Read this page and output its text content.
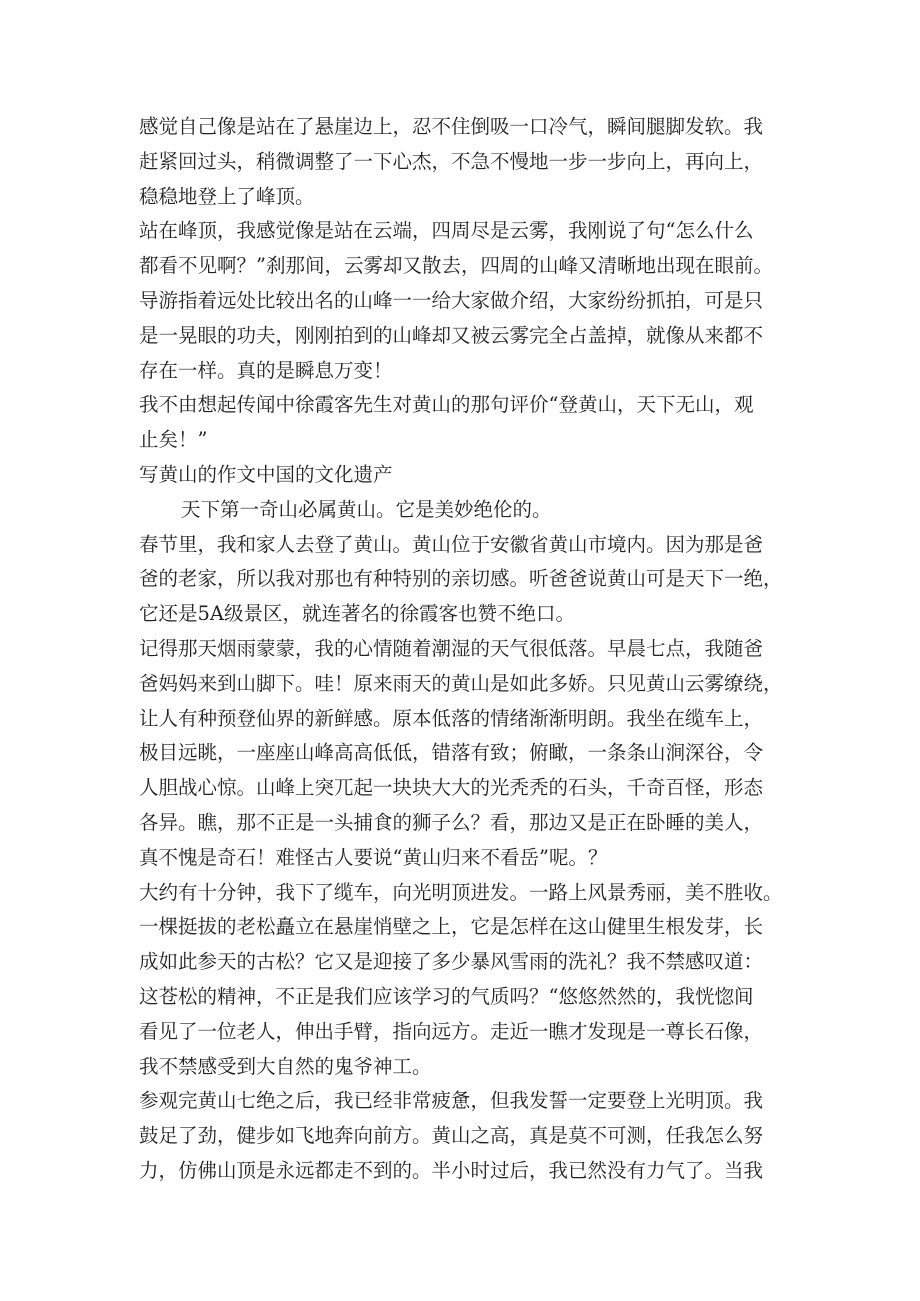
感觉自己像是站在了悬崖边上，忍不住倒吸一口冷气，瞬间腿脚发软。我
赶紧回过头，稍微调整了一下心杰，不急不慢地一步一步向上，再向上，
稳稳地登上了峰顶。
站在峰顶，我感觉像是站在云端，四周尽是云雾，我刚说了句“怎么什么
都看不见啊？”刹那间，云雾却又散去，四周的山峰又清晰地出现在眼前。
导游指着远处比较出名的山峰一一给大家做介绍，大家纷纷抓拍，可是只
是一晃眼的功夫，刚刚拍到的山峰却又被云雾完全占盖掉，就像从来都不
存在一样。真的是瞬息万变！
我不由想起传闻中徐霞客先生对黄山的那句评价“登黄山，天下无山，观
止矣！”
写黄山的作文中国的文化遗产
天下第一奇山必属黄山。它是美妙绝伦的。
春节里，我和家人去登了黄山。黄山位于安徽省黄山市境内。因为那是爸
爸的老家，所以我对那也有种特别的亲切感。听爸爸说黄山可是天下一绝，
它还是5A级景区，就连著名的徐霞客也赞不绝口。
记得那天烟雨蒙蒙，我的心情随着潮湿的天气很低落。早晨七点，我随爸
爸妈妈来到山脚下。哇！原来雨天的黄山是如此多娇。只见黄山云雾缭绕，
让人有种预登仙界的新鲜感。原本低落的情绪渐渐明朗。我坐在缆车上，
极目远眺，一座座山峰高高低低，错落有致；俯瞰，一条条山涧深谷，令
人胆战心惊。山峰上突兀起一块块大大的光秃秃的石头，千奇百怪，形态
各异。瞧，那不正是一头捕食的狮子么？看，那边又是正在卧睡的美人，
真不愧是奇石！难怪古人要说“黄山归来不看岳”呢。？
大约有十分钟，我下了缆车，向光明顶进发。一路上风景秀丽，美不胜收。
一棵挺拔的老松矗立在悬崖悄壁之上，它是怎样在这山健里生根发芽，长
成如此参天的古松？它又是迎接了多少暴风雪雨的洗礼？我不禁感叹道：
这苍松的精神，不正是我们应该学习的气质吗？“悠悠然然的，我恍惚间
看见了一位老人，伸出手臂，指向远方。走近一瞧才发现是一尊长石像，
我不禁感受到大自然的鬼爷神工。
参观完黄山七绝之后，我已经非常疲惫，但我发誓一定要登上光明顶。我
鼓足了劲，健步如飞地奔向前方。黄山之高，真是莫不可测，任我怎么努
力，仿佛山顶是永远都走不到的。半小时过后，我已然没有力气了。当我
